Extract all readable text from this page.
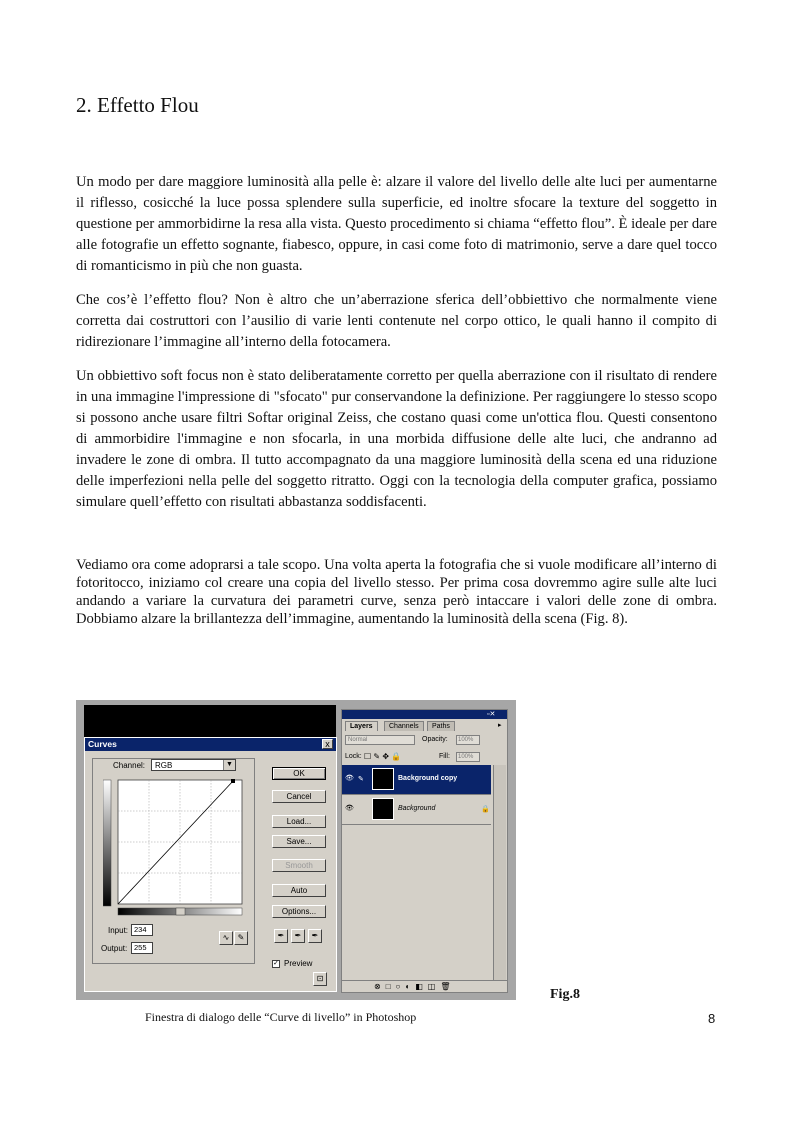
2. Effetto Flou

Un modo per dare maggiore luminosità alla pelle è: alzare il valore del livello delle alte luci per aumentarne il riflesso, cosicché la luce possa splendere sulla superficie, ed inoltre sfocare la texture del soggetto in questione per ammorbidirne la resa alla vista. Questo procedimento si chiama “effetto flou”. È ideale per dare alle fotografie un effetto sognante, fiabesco, oppure, in casi come foto di matrimonio, serve a dare quel tocco di romanticismo in più che non guasta.

Che cos’è l’effetto flou? Non è altro che un’aberrazione sferica dell’obbiettivo che normalmente viene corretta dai costruttori con l’ausilio di varie lenti contenute nel corpo ottico, le quali hanno il compito di ridirezionare l’immagine all’interno della fotocamera.

Un obbiettivo soft focus non è stato deliberatamente corretto per quella aberrazione con il risultato di rendere in una immagine l'impressione di "sfocato" pur conservandone la definizione. Per raggiungere lo stesso scopo si possono anche usare filtri Softar original Zeiss, che costano quasi come un'ottica flou. Questi consentono di ammorbidire l'immagine e non sfocarla, in una morbida diffusione delle alte luci, che andranno ad invadere le zone di ombra. Il tutto accompagnato da una maggiore luminosità della scena ed una riduzione delle imperfezioni nella pelle del soggetto ritratto. Oggi con la tecnologia della computer grafica, possiamo simulare quell’effetto con risultati abbastanza soddisfacenti.

Vediamo ora come adoprarsi a tale scopo. Una volta aperta la fotografia che si vuole modificare all’interno di fotoritocco, iniziamo col creare una copia del livello stesso. Per prima cosa dovremmo agire sulle alte luci andando a variare la curvatura dei parametri curve, senza però intaccare i valori delle zone di ombra. Dobbiamo alzare la brillantezza dell’immagine, aumentando la luminosità della scena (Fig. 8).

Curves	x
Channel:	RGB	▼
OK
Cancel
Load...
Save...
Smooth
Auto
Options...
Input: 234
Output: 255
∿	✎	✒	✒	✒
✓ Preview
⊡
▫✕
Layers	Channels	Paths	▸
Normal	Opacity:	100%
Lock: ☐ ✎ ✥ 🔒	Fill:	100%
👁 ✎	Background copy
👁	Background	🔒
⊗□○◐◧◫🗑
Fig.8
Finestra di dialogo delle “Curve di livello” in Photoshop	8
